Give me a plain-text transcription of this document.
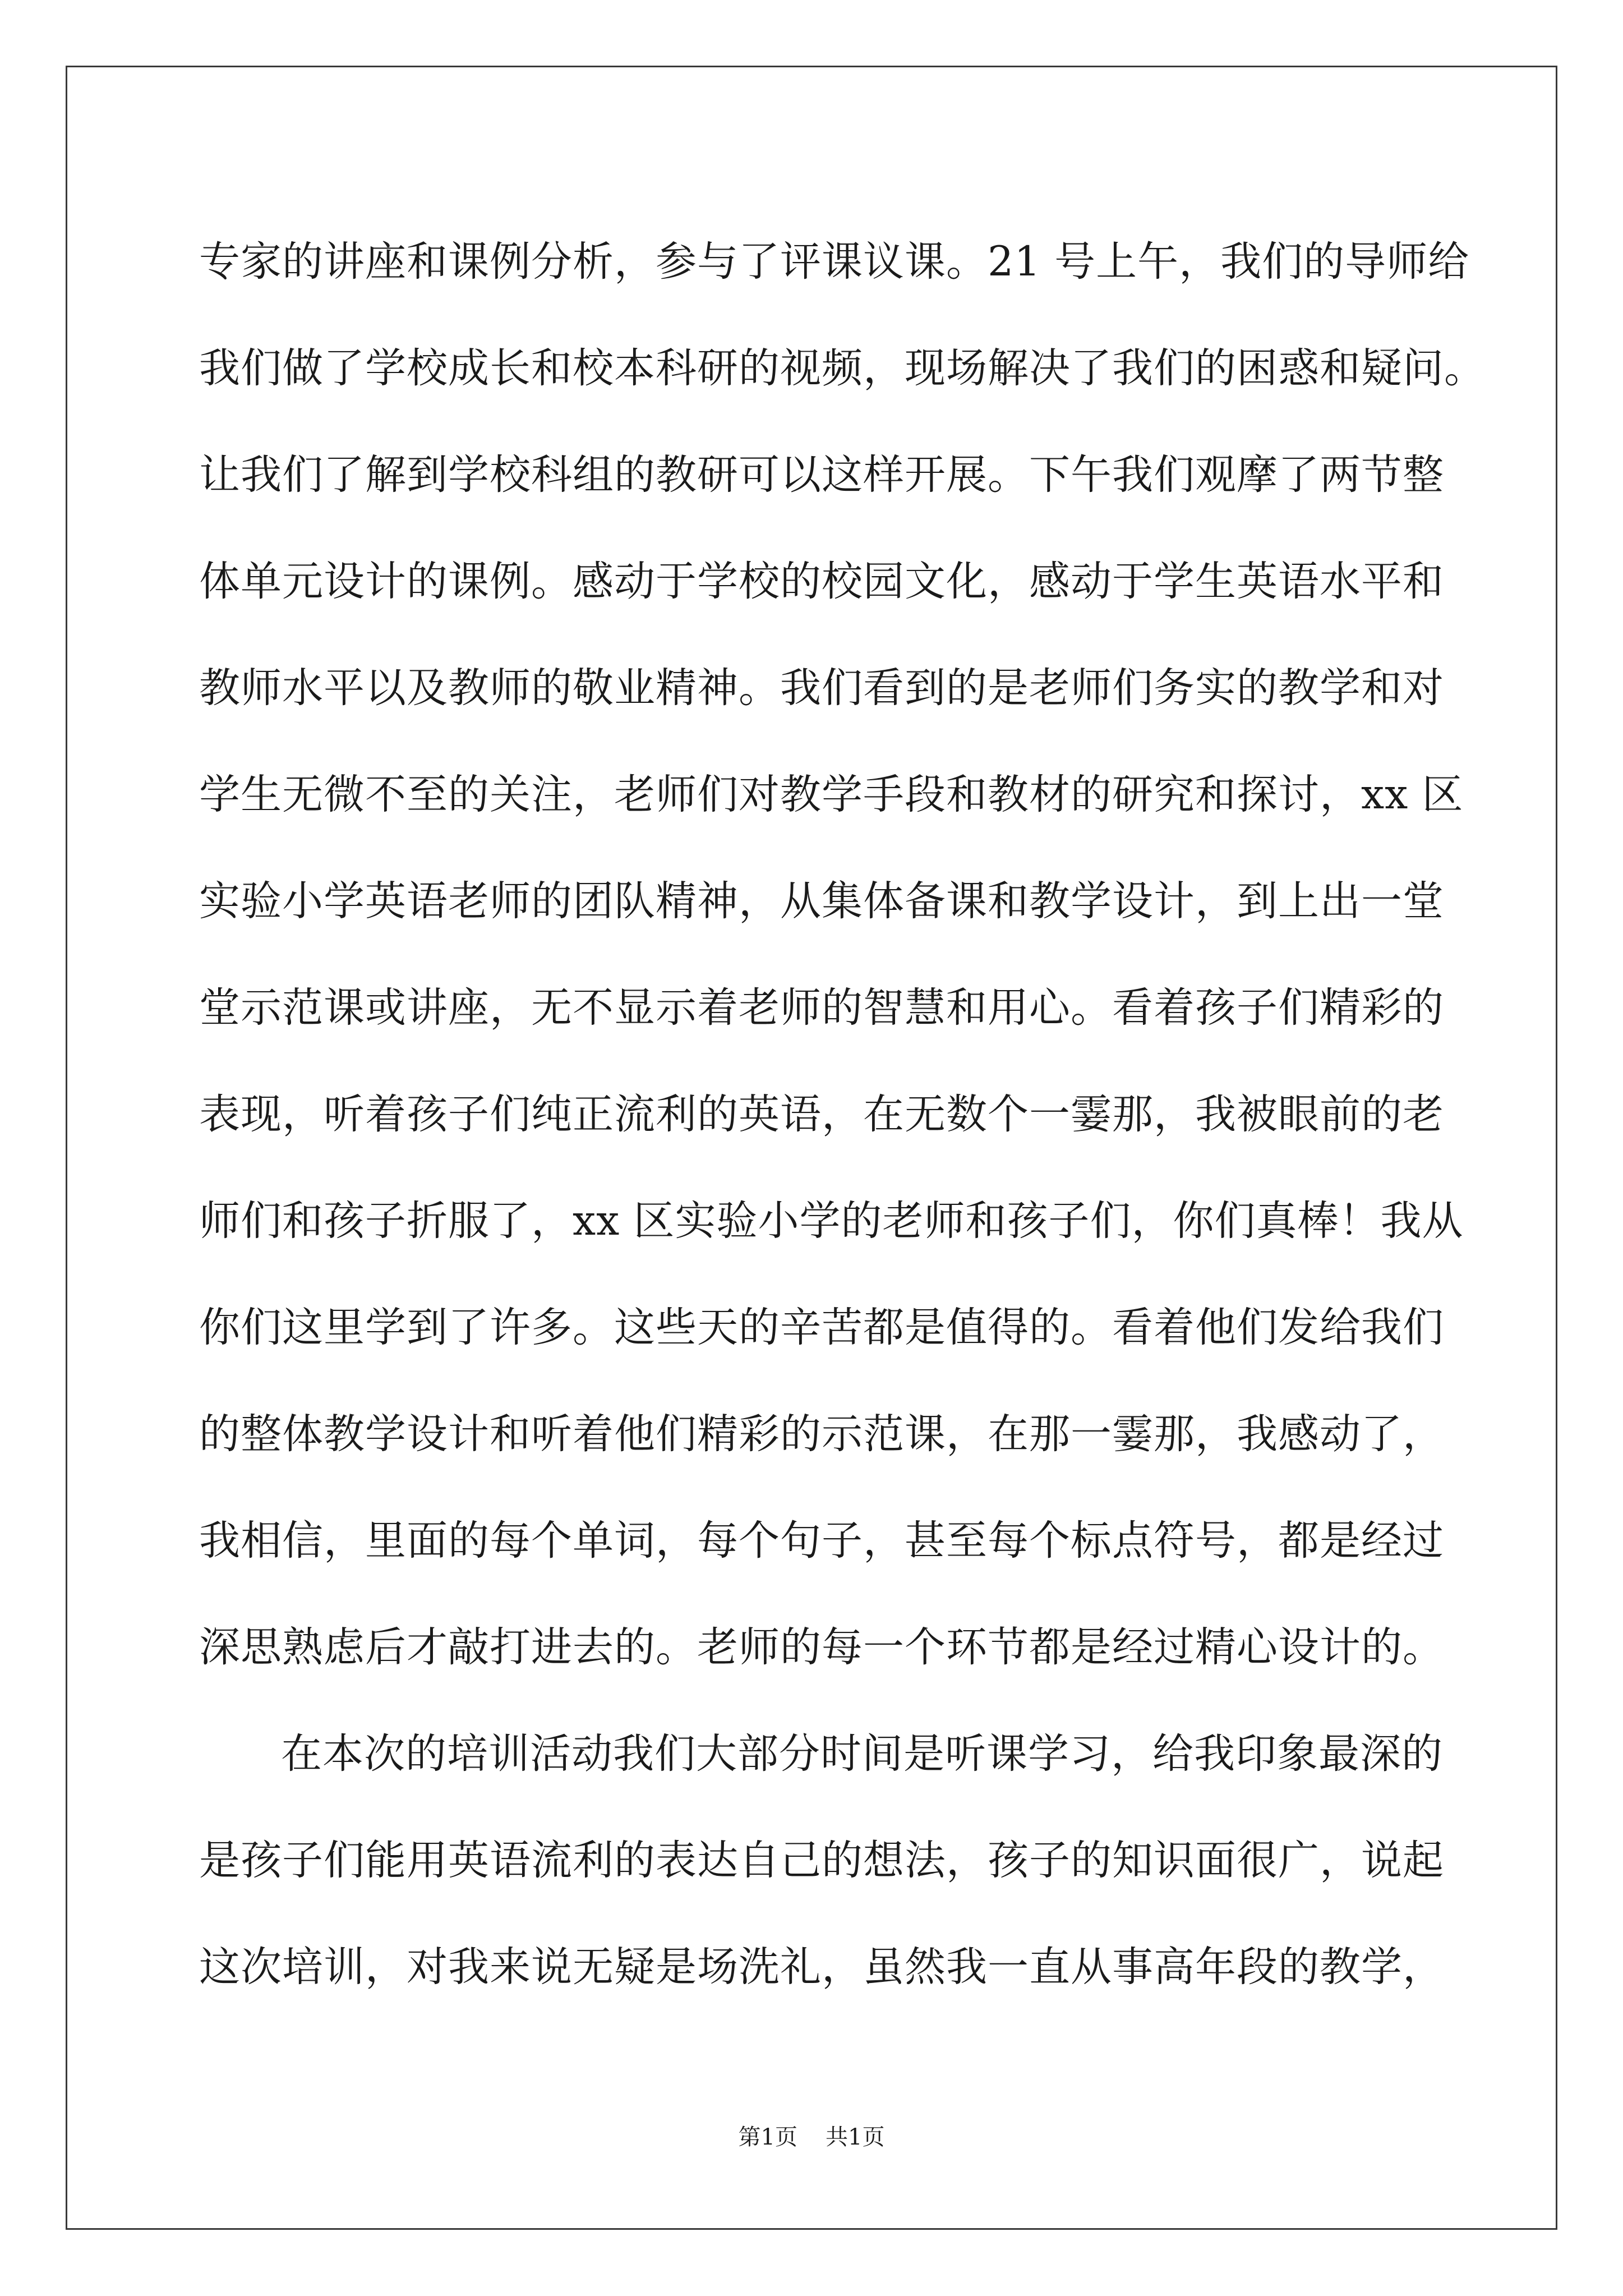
专家的讲座和课例分析，参与了评课议课。21 号上午，我们的导师给
我们做了学校成长和校本科研的视频，现场解决了我们的困惑和疑问。
让我们了解到学校科组的教研可以这样开展。下午我们观摩了两节整
体单元设计的课例。感动于学校的校园文化，感动于学生英语水平和
教师水平以及教师的敬业精神。我们看到的是老师们务实的教学和对
学生无微不至的关注，老师们对教学手段和教材的研究和探讨，xx 区
实验小学英语老师的团队精神，从集体备课和教学设计，到上出一堂
堂示范课或讲座，无不显示着老师的智慧和用心。看着孩子们精彩的
表现，听着孩子们纯正流利的英语，在无数个一霎那，我被眼前的老
师们和孩子折服了，xx 区实验小学的老师和孩子们，你们真棒！我从
你们这里学到了许多。这些天的辛苦都是值得的。看着他们发给我们
的整体教学设计和听着他们精彩的示范课，在那一霎那，我感动了，
我相信，里面的每个单词，每个句子，甚至每个标点符号，都是经过
深思熟虑后才敲打进去的。老师的每一个环节都是经过精心设计的。
在本次的培训活动我们大部分时间是听课学习，给我印象最深的
是孩子们能用英语流利的表达自己的想法，孩子的知识面很广，说起
这次培训，对我来说无疑是场洗礼，虽然我一直从事高年段的教学，
第1页 共1页
